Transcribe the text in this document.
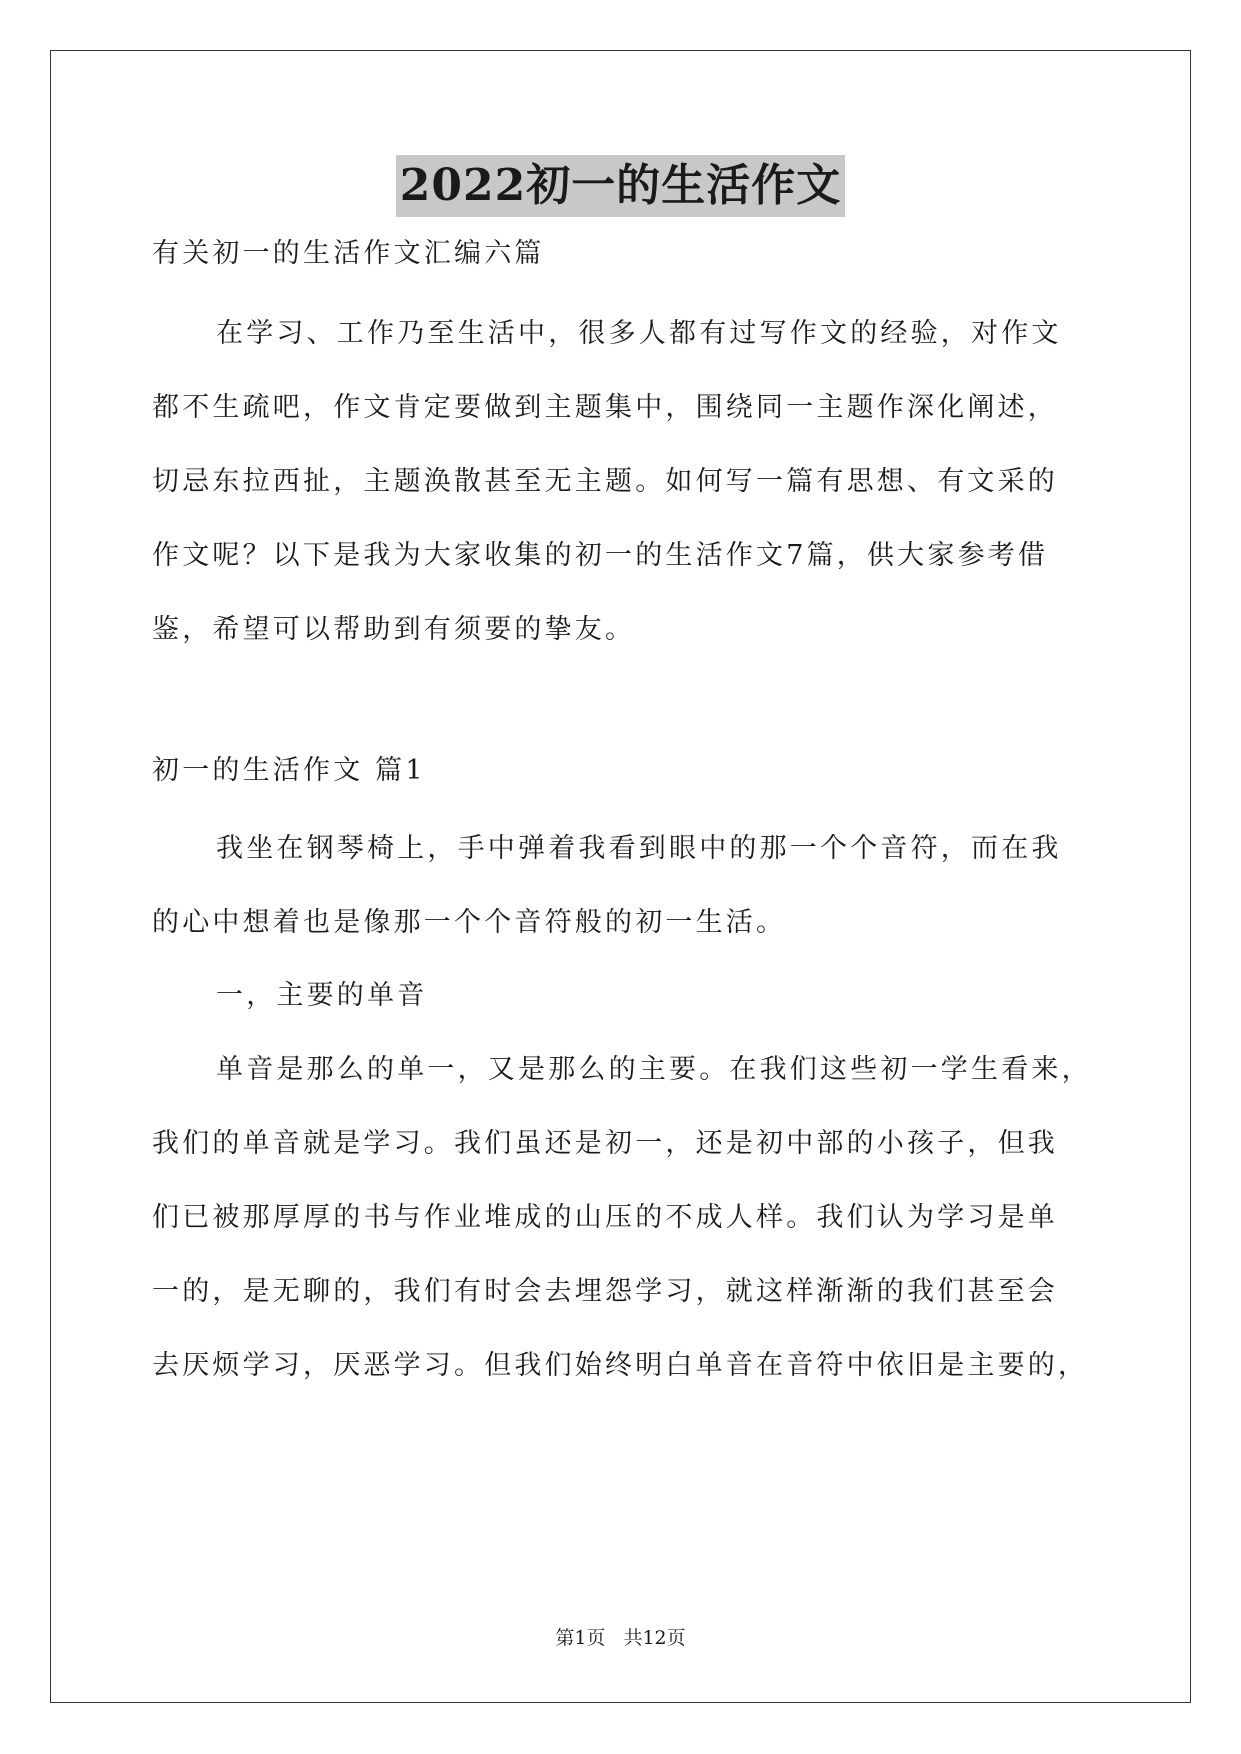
2022初一的生活作文
有关初一的生活作文汇编六篇
在学习、工作乃至生活中，很多人都有过写作文的经验，对作文
都不生疏吧，作文肯定要做到主题集中，围绕同一主题作深化阐述，
切忌东拉西扯，主题涣散甚至无主题。如何写一篇有思想、有文采的
作文呢？以下是我为大家收集的初一的生活作文7篇，供大家参考借
鉴，希望可以帮助到有须要的挚友。
初一的生活作文 篇1
我坐在钢琴椅上，手中弹着我看到眼中的那一个个音符，而在我
的心中想着也是像那一个个音符般的初一生活。
一，主要的单音
单音是那么的单一，又是那么的主要。在我们这些初一学生看来，
我们的单音就是学习。我们虽还是初一，还是初中部的小孩子，但我
们已被那厚厚的书与作业堆成的山压的不成人样。我们认为学习是单
一的，是无聊的，我们有时会去埋怨学习，就这样渐渐的我们甚至会
去厌烦学习，厌恶学习。但我们始终明白单音在音符中依旧是主要的，
第1页 共12页
